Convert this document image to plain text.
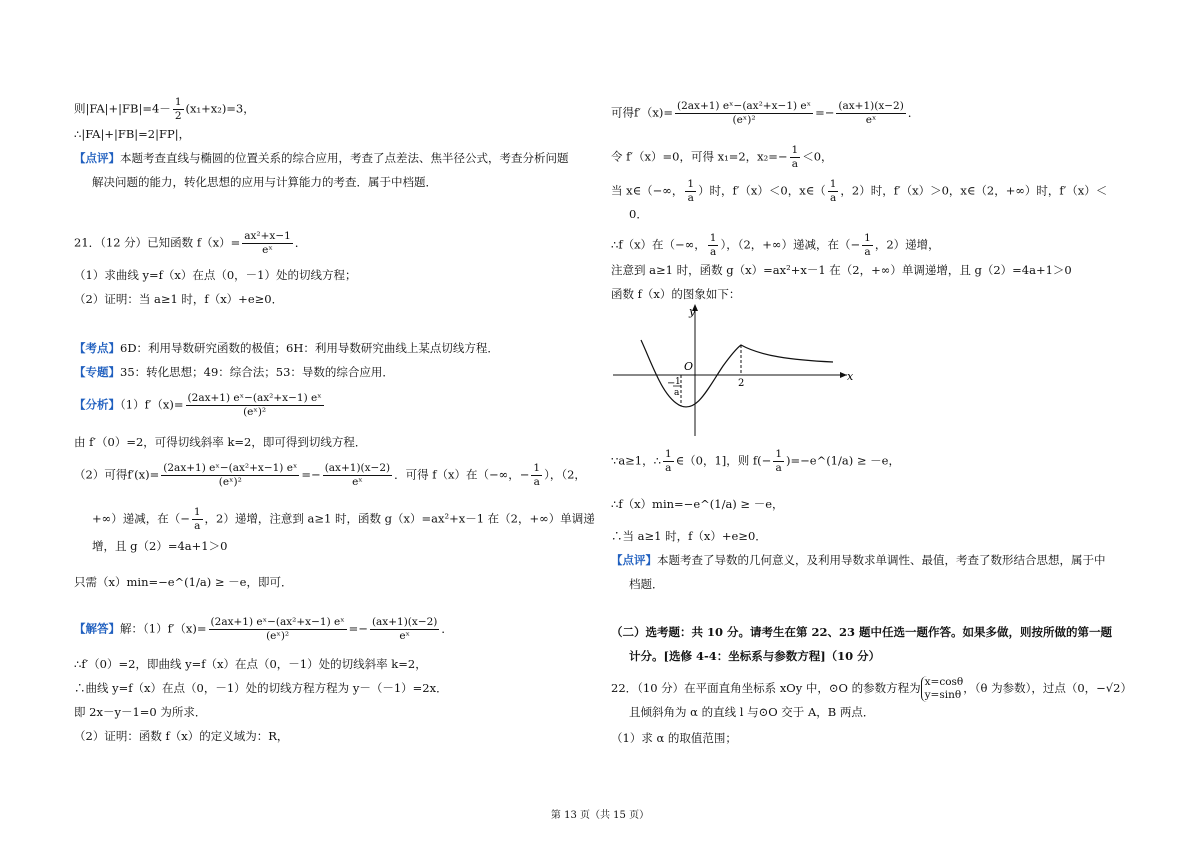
则$|FA|+|FB|=4- \frac{1}{2} (x_1+x_2)=3$，
∴|FA|+|FB|=2|FP|，
【点评】本题考查直线与椭圆的位置关系的综合应用，考查了点差法、焦半径公式，考查分析问题
解决问题的能力，转化思想的应用与计算能力的考查．属于中档题．
21．（12 分）已知函数 $f(x)= \frac{\text{ax²+x−1}}{\text{eˣ}}$ ．
（1）求曲线 y=f（x）在点（0，－1）处的切线方程；
（2）证明：当 a≥1 时，f（x）+e≥0．
【考点】6D：利用导数研究函数的极值；6H：利用导数研究曲线上某点切线方程．
【专题】35：转化思想；49：综合法；53：导数的综合应用．
【分析】$(1)f'(x)= \frac{\text{(2ax+1) eˣ−(ax²+x−1) eˣ}}{\text{(eˣ)²}}$
由 f′（0）=2，可得切线斜率 k=2，即可得到切线方程．
（2）可得$f'(x)= \frac{\text{(2ax+1) eˣ−(ax²+x−1) eˣ}}{\text{(eˣ)²}} =- \frac{(ax+1)(x-2)}{\text{eˣ}}$ ．可得 f（x）在（−∞，− $\frac{1}{a}$ ），（2，
+∞）递减，在（− $\frac{1}{a}$ ，2）递增，注意到 a≥1 时，函数 g（x）=ax²+x－1 在（2，+∞）单调递
增，且 g（2）=4a+1＞0
只需（x）min=−e^(1/a) ≥ －e，即可．
【解答】解：$(1)f'(x)= \frac{\text{(2ax+1) eˣ−(ax²+x−1) eˣ}}{\text{(eˣ)²}} =- \frac{(ax+1)(x-2)}{\text{eˣ}}$ ．
∴f′（0）=2，即曲线 y=f（x）在点（0，－1）处的切线斜率 k=2，
∴曲线 y=f（x）在点（0，－1）处的切线方程方程为 y－（－1）=2x．
即 2x－y－1=0 为所求．
（2）证明：函数 f（x）的定义域为：R，
可得$f'(x)= \frac{\text{(2ax+1) eˣ−(ax²+x−1) eˣ}}{\text{(eˣ)²}} =- \frac{(ax+1)(x-2)}{\text{eˣ}}$ ．
令 f′（x）=0，可得 x₁=2，$x_2=- \frac{1}{a} <0$，
当 x∈（−∞， $\frac{1}{a}$ ）时，f′（x）＜0，x∈（ $\frac{1}{a}$ ，2）时，f′（x）＞0，x∈（2，+∞）时，f′（x）＜
0．
∴f（x）在（−∞， $\frac{1}{a}$ ），（2，+∞）递减，在（− $\frac{1}{a}$ ，2）递增，
注意到 a≥1 时，函数 g（x）=ax²+x－1 在（2，+∞）单调递增，且 g（2）=4a+1＞0
函数 f（x）的图象如下：
∵a≥1，∴ $\frac{1}{a}$ ∈（0，1]，则 $f(- \frac{1}{a}$ )=−e^(1/a) ≥ －e，
∴f（x）min=−e^(1/a) ≥ －e，
∴当 a≥1 时，f（x）+e≥0．
【点评】本题考查了导数的几何意义，及利用导数求单调性、最值，考查了数形结合思想，属于中
档题．
（二）选考题：共 10 分。请考生在第 22、23 题中任选一题作答。如果多做，则按所做的第一题
计分。[选修 4-4：坐标系与参数方程]（10 分）
22．（10 分）在平面直角坐标系 xOy 中，⊙O 的参数方程为 x=cosθ
y=sinθ ，（θ 为参数），过点（0，−√2）
且倾斜角为 α 的直线 l 与⊙O 交于 A，B 两点．
（1）求 α 的取值范围；
y
x
O
2
− 1
a
第 13 页（共 15 页）
